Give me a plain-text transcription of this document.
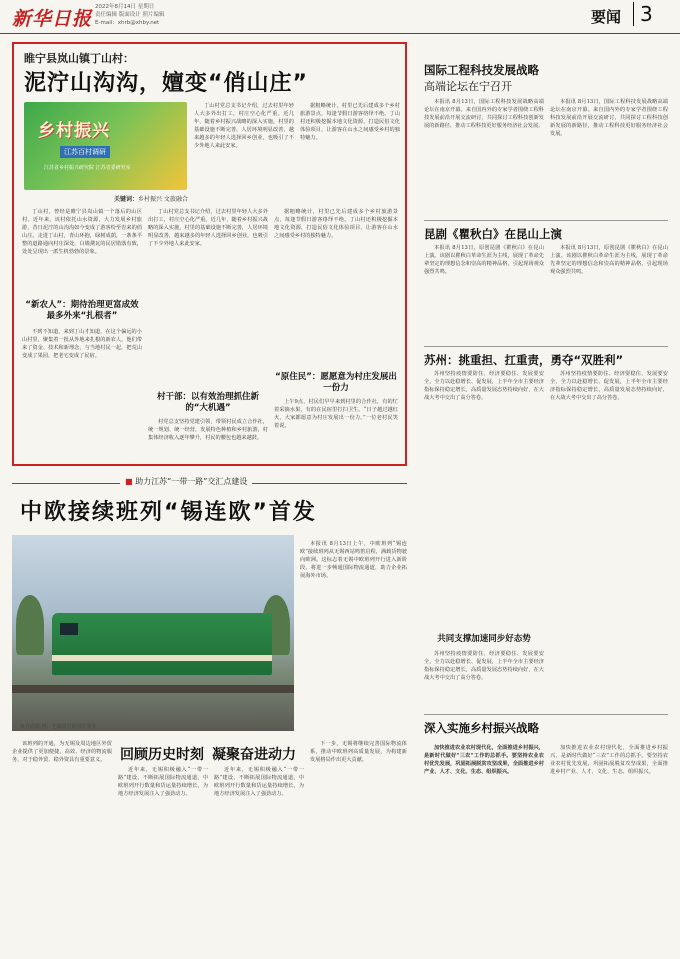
新华日报
2022年8月14日 星期日
责任编辑 版面设计 照片编辑
E-mail：xhrb@xhby.net	要闻 3
睢宁县岚山镇丁山村：
泥泞山沟沟，嬗变“俏山庄”
乡村振兴
江苏百村调研
江苏省乡村振兴研究院 江苏省委研究室
丁山村党总支书记介绍，过去村里年轻人大多外出打工，村庄空心化严重。近几年，随着乡村振兴战略的深入实施，村里的基础设施不断完善，人居环境明显改善，越来越多的年轻人选择回乡创业，也吸引了不少外地人来此安家。
据粗略统计，村里已先后建成多个乡村旅游景点，每逢节假日游客络绎不绝。丁山村还积极挖掘本地文化资源，打造民俗文化体验项目，让游客在山水之间感受乡村的独特魅力。
关键词：乡村振兴 文旅融合
丁山村，曾经是睢宁县岚山镇一个落后的山区村。近年来，该村依托山水资源，大力发展乡村旅游，昔日泥泞的山沟沟如今变成了游客纷至沓来的俏山庄。走进丁山村，青山环抱，绿树成荫，一条条平整的道路通向村庄深处，白墙黛瓦的民居错落有致，处处呈现出一派生机勃勃的景象。
“新农人”：期待治理更富成效最多外来“扎根者”
不到不知道，来到丁山才知道，在这个偏远的小山村里，聚集着一批从外地来扎根的新农人。他们带来了资金、技术和新理念，与当地村民一起，把荒山变成了果园，把老宅变成了民宿。
丁山村党总支书记介绍，过去村里年轻人大多外出打工，村庄空心化严重。近几年，随着乡村振兴战略的深入实施，村里的基础设施不断完善，人居环境明显改善，越来越多的年轻人选择回乡创业，也吸引了不少外地人来此安家。
村干部：以有效治理抓住新的“大机遇”
村党总支坚持党建引领，带领村民成立合作社，统一规划、统一经营，发展特色种植和乡村旅游，村集体经济收入逐年攀升，村民的腰包也越来越鼓。
据粗略统计，村里已先后建成多个乡村旅游景点，每逢节假日游客络绎不绝。丁山村还积极挖掘本地文化资源，打造民俗文化体验项目，让游客在山水之间感受乡村的独特魅力。
“原住民”：愿愿意为村庄发展出一份力
上午9点，村民们早早来到村里的合作社，有的忙着采摘水果，有的在民宿里打扫卫生。“日子越过越红火，大家都愿意为村庄发展出一份力。”一位老村民笑着说。
国际工程科技发展战略
高端论坛在宁召开
本报讯 8月13日，国际工程科技发展战略高端论坛在南京开幕。来自国内外的专家学者围绕工程科技发展前沿开展交流研讨，共同探讨工程科技创新发展的新路径，推动工程科技更好服务经济社会发展。
本报讯 8月13日，国际工程科技发展战略高端论坛在南京开幕。来自国内外的专家学者围绕工程科技发展前沿开展交流研讨，共同探讨工程科技创新发展的新路径，推动工程科技更好服务经济社会发展。
昆剧《瞿秋白》在昆山上演
本报讯 8月13日，原创昆剧《瞿秋白》在昆山上演。该剧以瞿秋白革命生涯为主线，展现了革命先辈坚定的理想信念和崇高的精神品格，引起现场观众强烈共鸣。
本报讯 8月13日，原创昆剧《瞿秋白》在昆山上演。该剧以瞿秋白革命生涯为主线，展现了革命先辈坚定的理想信念和崇高的精神品格，引起现场观众强烈共鸣。
苏州：挑重担、扛重责，勇夺“双胜利”
苏州坚持疫情要防住、经济要稳住、发展要安全，全力以赴稳增长、促发展，上半年全市主要经济指标保持稳定增长，高质量发展态势持续向好，在大战大考中交出了高分答卷。
苏州坚持疫情要防住、经济要稳住、发展要安全，全力以赴稳增长、促发展，上半年全市主要经济指标保持稳定增长，高质量发展态势持续向好，在大战大考中交出了高分答卷。
共同支撑加速同步好态势
苏州坚持疫情要防住、经济要稳住、发展要安全，全力以赴稳增长、促发展，上半年全市主要经济指标保持稳定增长，高质量发展态势持续向好，在大战大考中交出了高分答卷。
深入实施乡村振兴战略
加快推进农业农村现代化，全面推进乡村振兴，是新时代做好“三农”工作的总抓手。要坚持农业农村优先发展，巩固拓展脱贫攻坚成果，全面推进乡村产业、人才、文化、生态、组织振兴。
加快推进农业农村现代化，全面推进乡村振兴，是新时代做好“三农”工作的总抓手。要坚持农业农村优先发展，巩固拓展脱贫攻坚成果，全面推进乡村产业、人才、文化、生态、组织振兴。
■ 助力江苏“一带一路”交汇点建设
中欧接续班列“锡连欧”首发
来自高铁·摄：无锡站首班列车发车
本报讯 8月13日上午，中欧班列“锡连欧”接续班列从无锡西站鸣笛启程，满载货物驶向欧洲。这标志着无锡中欧班列开行进入新阶段，将进一步畅通国际物流通道，助力企业拓展海外市场。
该班列的开通，为无锡及周边地区外贸企业提供了更加便捷、高效、经济的物流服务，对于稳外贸、稳外资具有重要意义。	回顾历史时刻 凝聚奋进动力
近年来，无锡积极融入“一带一路”建设，不断拓展国际物流通道，中欧班列开行数量和货运量持续增长，为地方经济发展注入了强劲动力。
近年来，无锡积极融入“一带一路”建设，不断拓展国际物流通道，中欧班列开行数量和货运量持续增长，为地方经济发展注入了强劲动力。
下一步，无锡将继续完善国际物流体系，推动中欧班列高质量发展，为构建新发展格局作出更大贡献。
